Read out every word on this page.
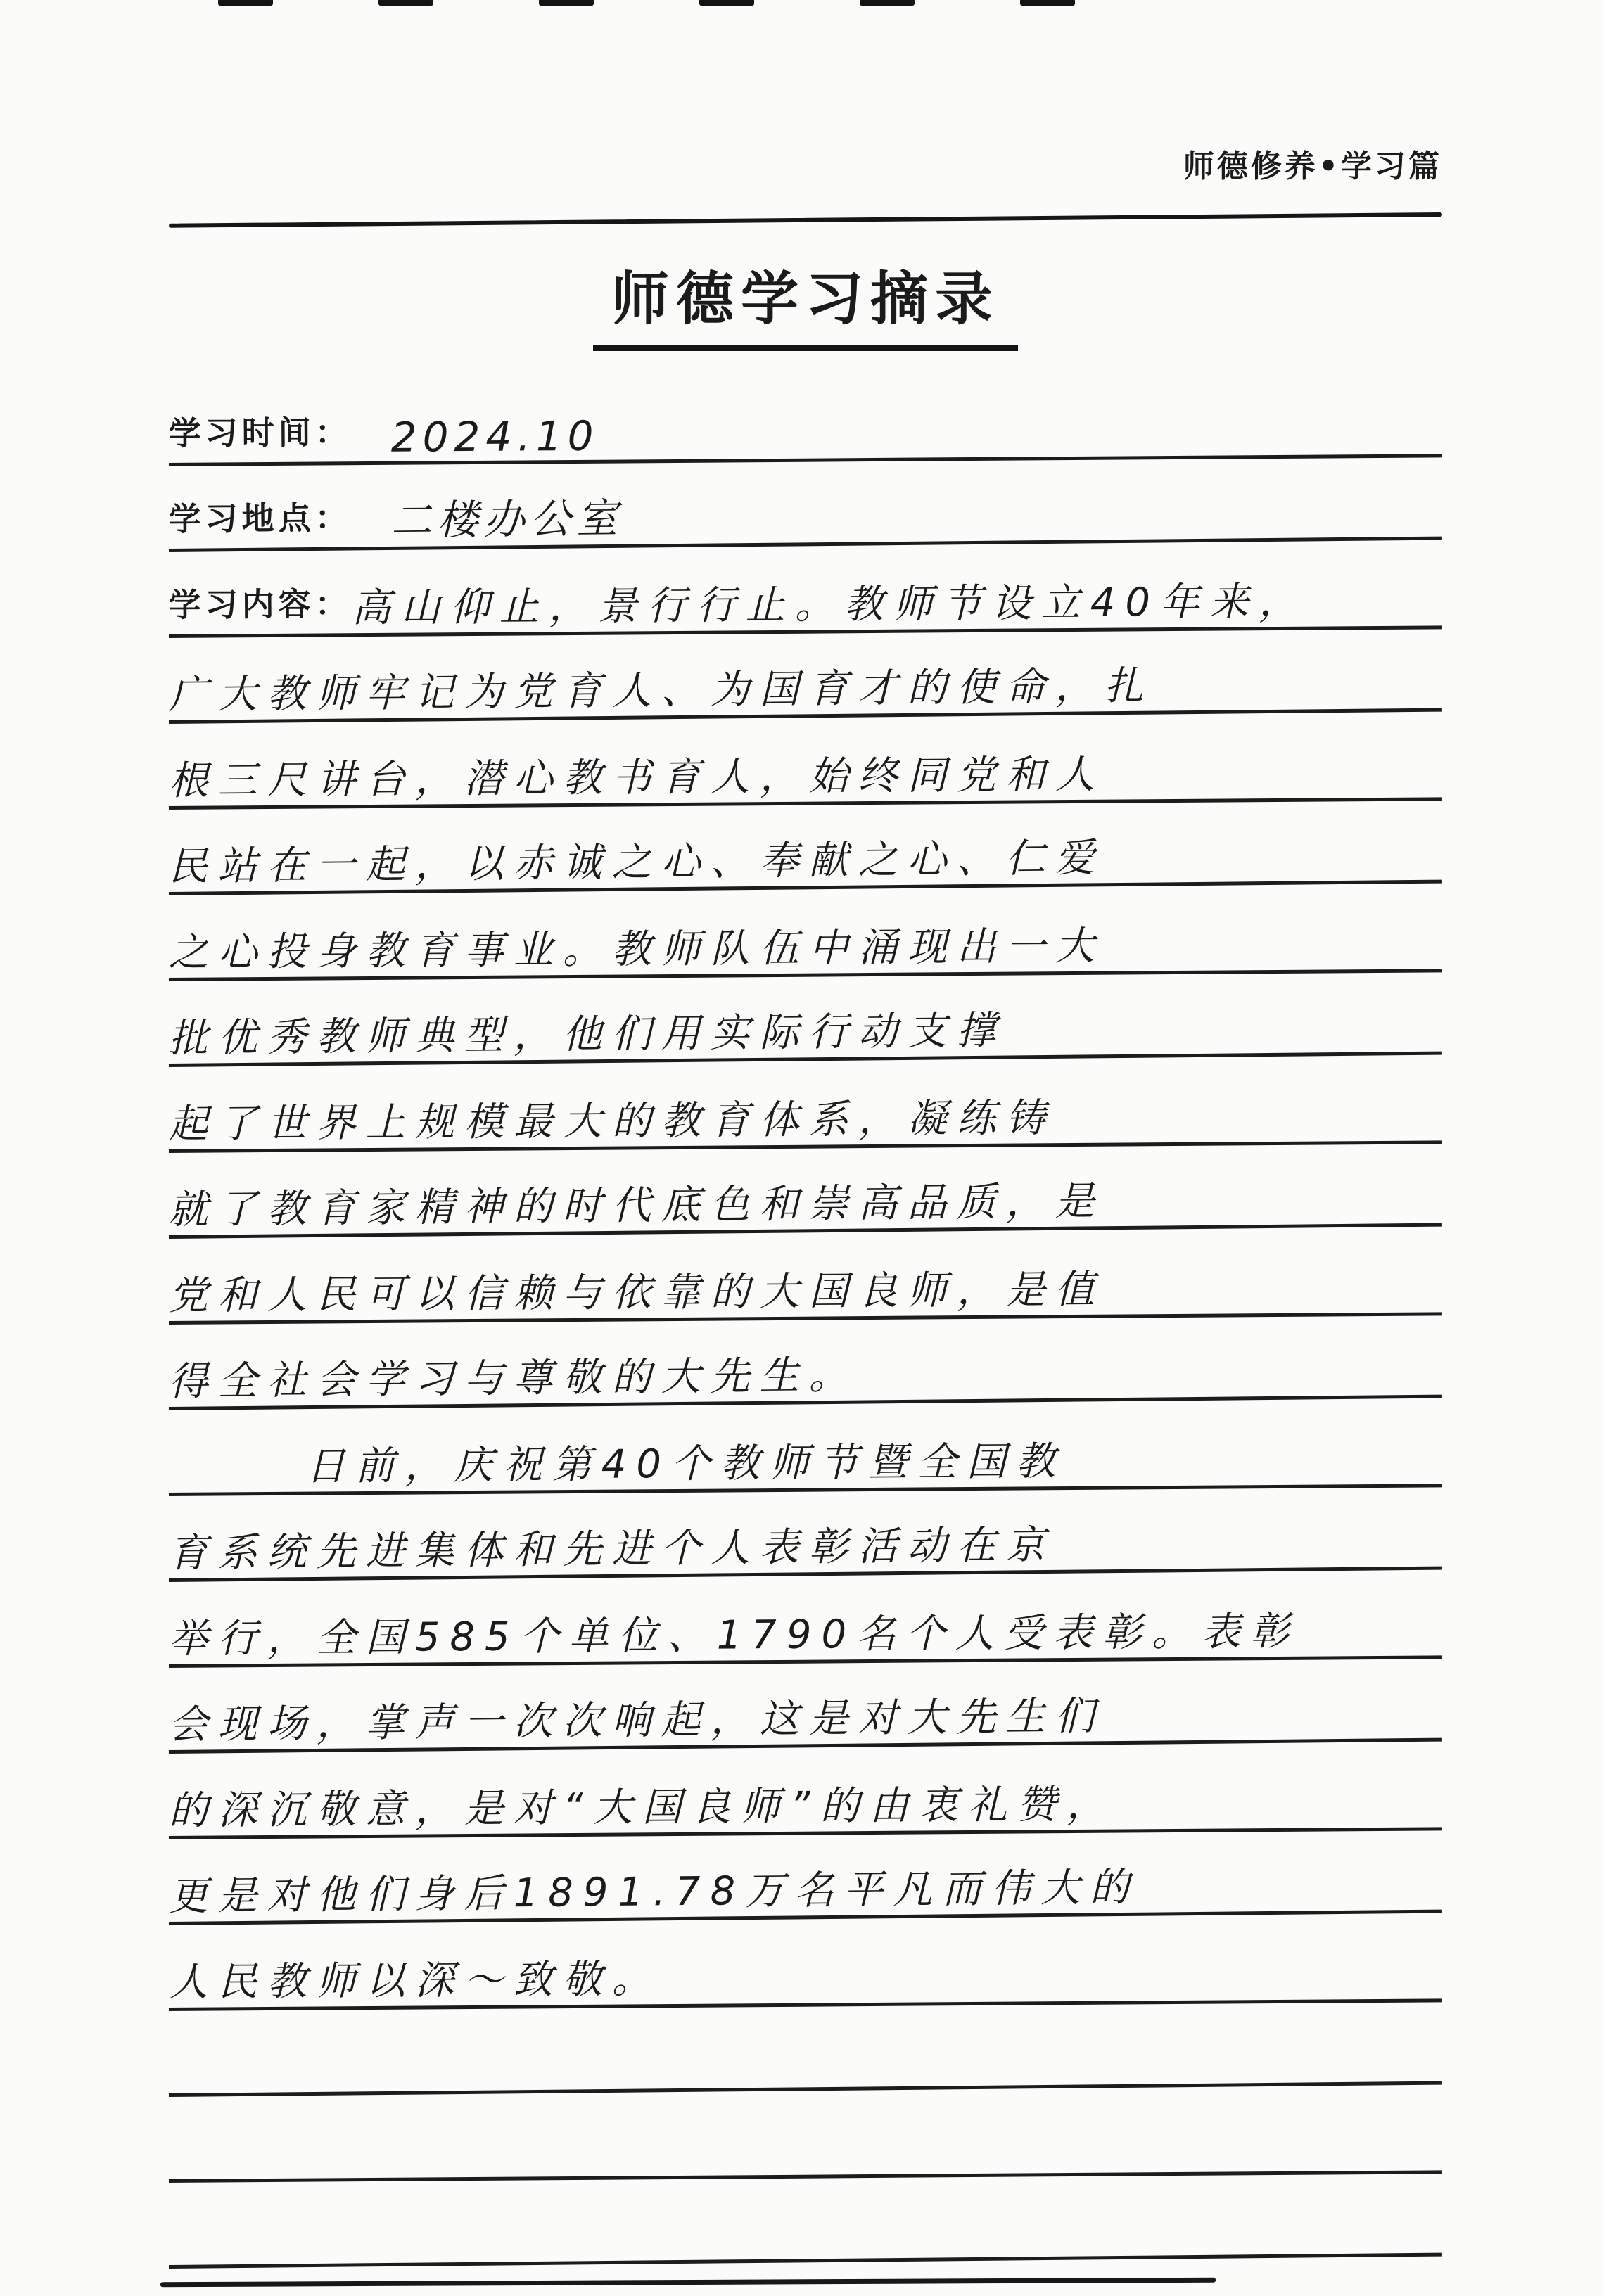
师德修养•学习篇
师德学习摘录
学习时间： 2024.10
学习地点： 二楼办公室
学习内容： 高山仰止，景行行止。教师节设立40年来，
广大教师牢记为党育人、为国育才的使命，扎
根三尺讲台，潜心教书育人，始终同党和人
民站在一起，以赤诚之心、奉献之心、仁爱
之心投身教育事业。教师队伍中涌现出一大
批优秀教师典型，他们用实际行动支撑
起了世界上规模最大的教育体系，凝练铸
就了教育家精神的时代底色和崇高品质，是
党和人民可以信赖与依靠的大国良师，是值
得全社会学习与尊敬的大先生。
日前，庆祝第40个教师节暨全国教
育系统先进集体和先进个人表彰活动在京
举行，全国585个单位、1790名个人受表彰。表彰
会现场，掌声一次次响起，这是对大先生们
的深沉敬意，是对“大国良师”的由衷礼赞，
更是对他们身后1891.78万名平凡而伟大的
人民教师以深～致敬。
